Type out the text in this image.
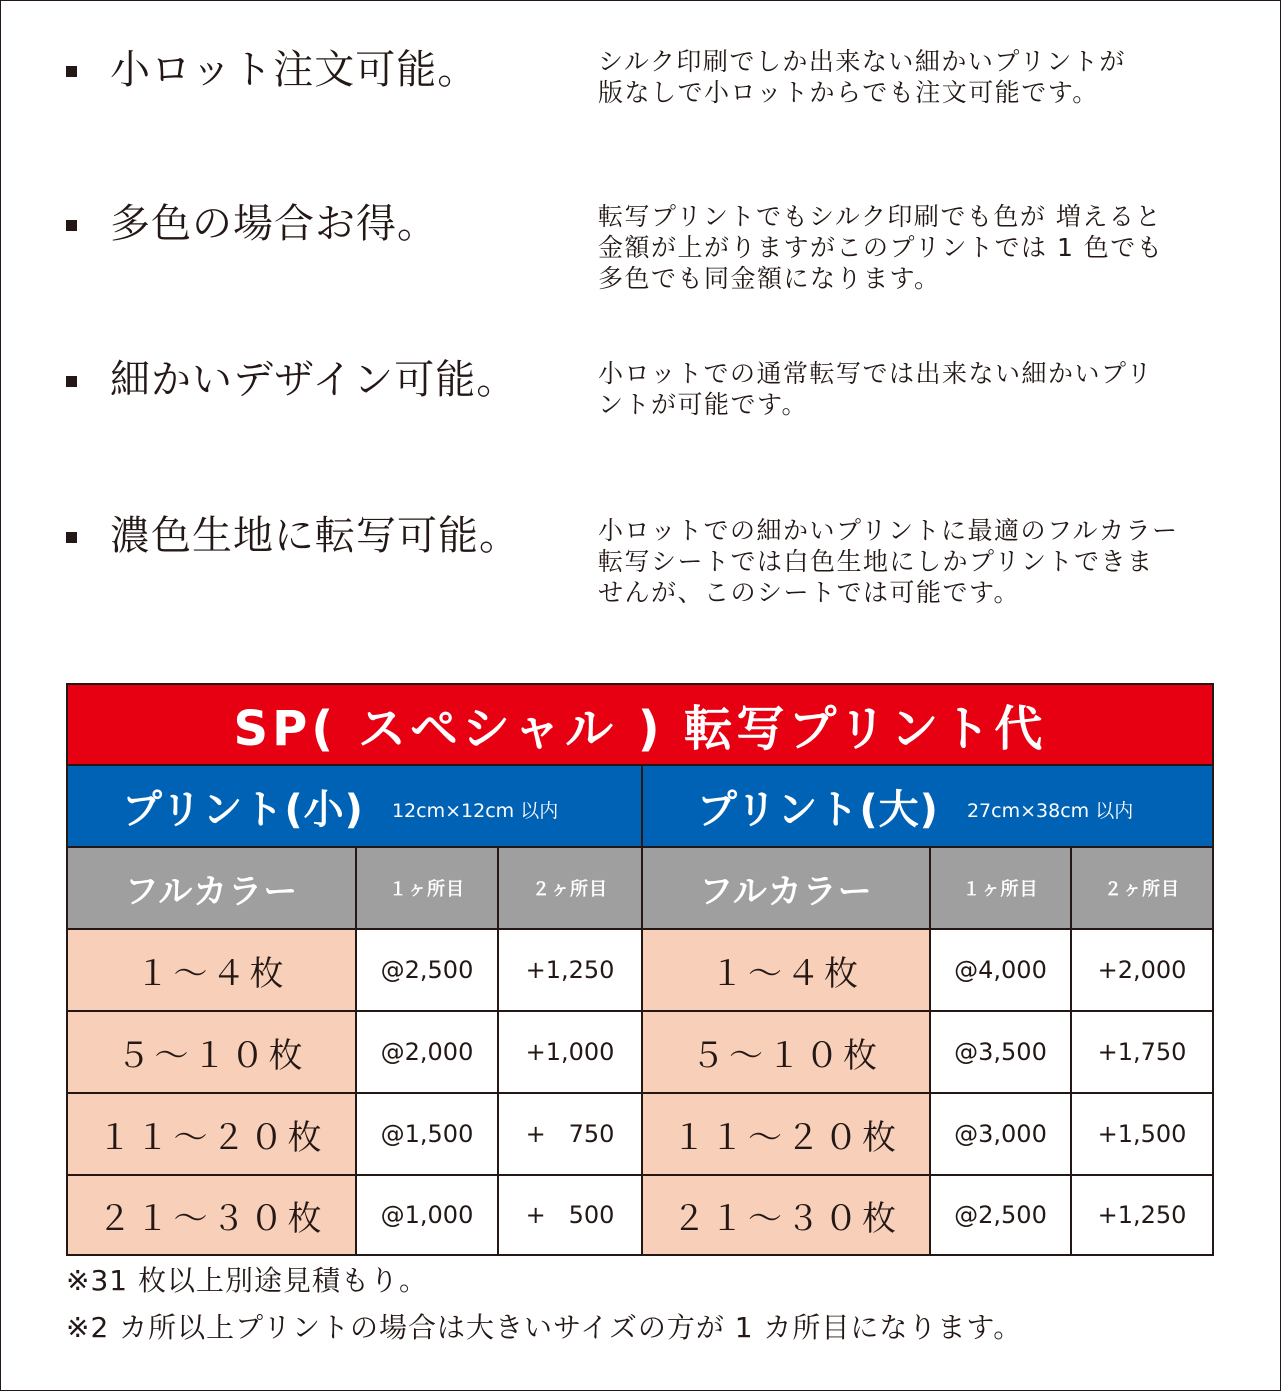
小ロット注文可能。	シルク印刷でしか出来ない細かいプリントが
版なしで小ロットからでも注文可能です。
多色の場合お得。	転写プリントでもシルク印刷でも色が 増えると
金額が上がりますがこのプリントでは 1 色でも
多色でも同金額になります。
細かいデザイン可能。	小ロットでの通常転写では出来ない細かいプリ
ントが可能です。
濃色生地に転写可能。	小ロットでの細かいプリントに最適のフルカラー
転写シートでは白色生地にしかプリントできま
せんが、このシートでは可能です。
SP( スペシャル ) 転写プリント代
プリント(小) 12cm×12cm 以内	プリント(大) 27cm×38cm 以内
フルカラー	１ヶ所目	２ヶ所目	フルカラー	１ヶ所目	２ヶ所目
１～４枚	@2,500	+1,250	１～４枚	@4,000	+2,000
５～１０枚	@2,000	+1,000	５～１０枚	@3,500	+1,750
１１～２０枚	@1,500	+   750	１１～２０枚	@3,000	+1,500
２１～３０枚	@1,000	+   500	２１～３０枚	@2,500	+1,250
※31 枚以上別途見積もり。
※2 カ所以上プリントの場合は大きいサイズの方が 1 カ所目になります。
